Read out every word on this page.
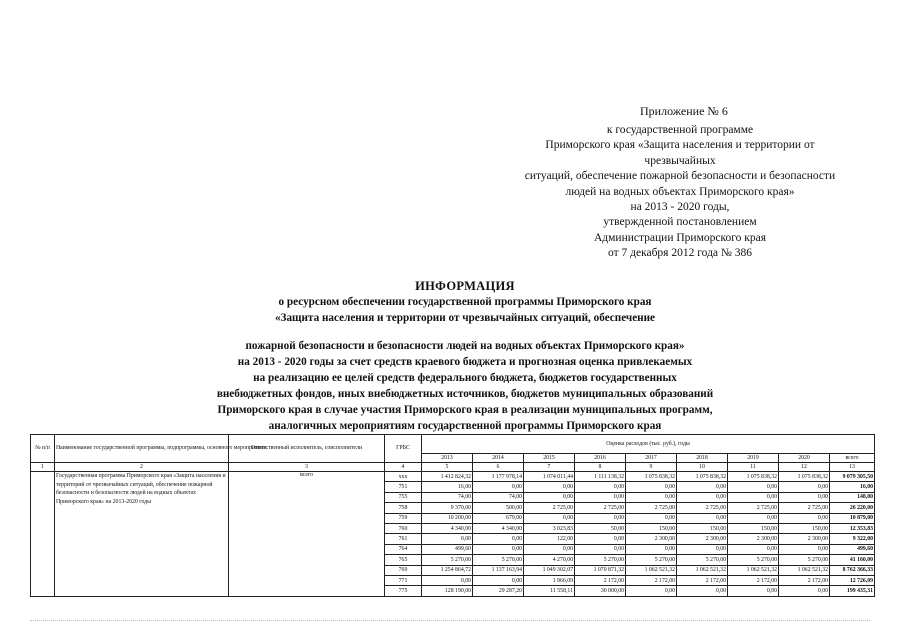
Приложение № 6
к государственной программе
Приморского края «Защита населения и территории от
чрезвычайных
ситуаций, обеспечение пожарной безопасности и безопасности
людей на водных объектах Приморского края»
на 2013 - 2020 годы,
утвержденной постановлением
Администрации Приморского края
от 7 декабря 2012 года № 386
ИНФОРМАЦИЯ
о ресурсном обеспечении государственной программы Приморского края
«Защита населения и территории от чрезвычайных ситуаций, обеспечение
пожарной безопасности и безопасности людей на водных объектах Приморского края»
на 2013 - 2020 годы за счет средств краевого бюджета и прогнозная оценка привлекаемых
на реализацию ее целей средств федерального бюджета, бюджетов государственных
внебюджетных фондов, иных внебюджетных источников, бюджетов муниципальных образований
Приморского края в случае участия Приморского края в реализации муниципальных программ,
аналогичных мероприятиям государственной программы Приморского края
№ п/п	Наименование государственной программы, подпрограммы, основного мероприятия	Ответственный исполнитель, соисполнители	ГРБС	Оценка расходов (тыс. руб.), годы								
				2013	2014	2015	2016	2017	2018	2019	2020	всего
1	2	3	4	5	6	7	8	9	10	11	12	13
	Государственная программа Приморского края «Защита населения и территорий от чрезвычайных ситуаций, обеспечение пожарной безопасности и безопасности людей на водных объектах Приморского края» на 2013-2020 годы	всего	ххх	1 412 824,32	1 177 978,14	1 074 011,44	1 111 138,32	1 075 838,32	1 075 838,32	1 075 838,32	1 075 838,32	9 079 305,50
			751	16,00	0,00	0,00	0,00	0,00	0,00	0,00	0,00	16,00
			755	74,00	74,00	0,00	0,00	0,00	0,00	0,00	0,00	148,00
			758	9 370,00	500,00	2 725,00	2 725,00	2 725,00	2 725,00	2 725,00	2 725,00	26 220,00
			759	10 200,00	679,00	0,00	0,00	0,00	0,00	0,00	0,00	10 879,00
			760	4 340,00	4 340,00	3 023,83	50,00	150,00	150,00	150,00	150,00	12 353,83
			761	0,00	0,00	122,00	0,00	2 300,00	2 300,00	2 300,00	2 300,00	9 322,00
			764	499,60	0,00	0,00	0,00	0,00	0,00	0,00	0,00	499,60
			765	5 270,00	5 270,00	4 270,00	5 270,00	5 270,00	5 270,00	5 270,00	5 270,00	41 160,00
			769	1 254 864,72	1 137 163,94	1 049 302,07	1 070 871,32	1 062 521,32	1 062 521,32	1 062 521,32	1 062 521,32	8 762 366,33
			771	0,00	0,00	1 966,09	2 172,00	2 172,00	2 172,00	2 172,00	2 172,00	12 726,09
			775	128 190,00	29 287,20	11 558,11	30 000,00	0,00	0,00	0,00	0,00	199 435,31
